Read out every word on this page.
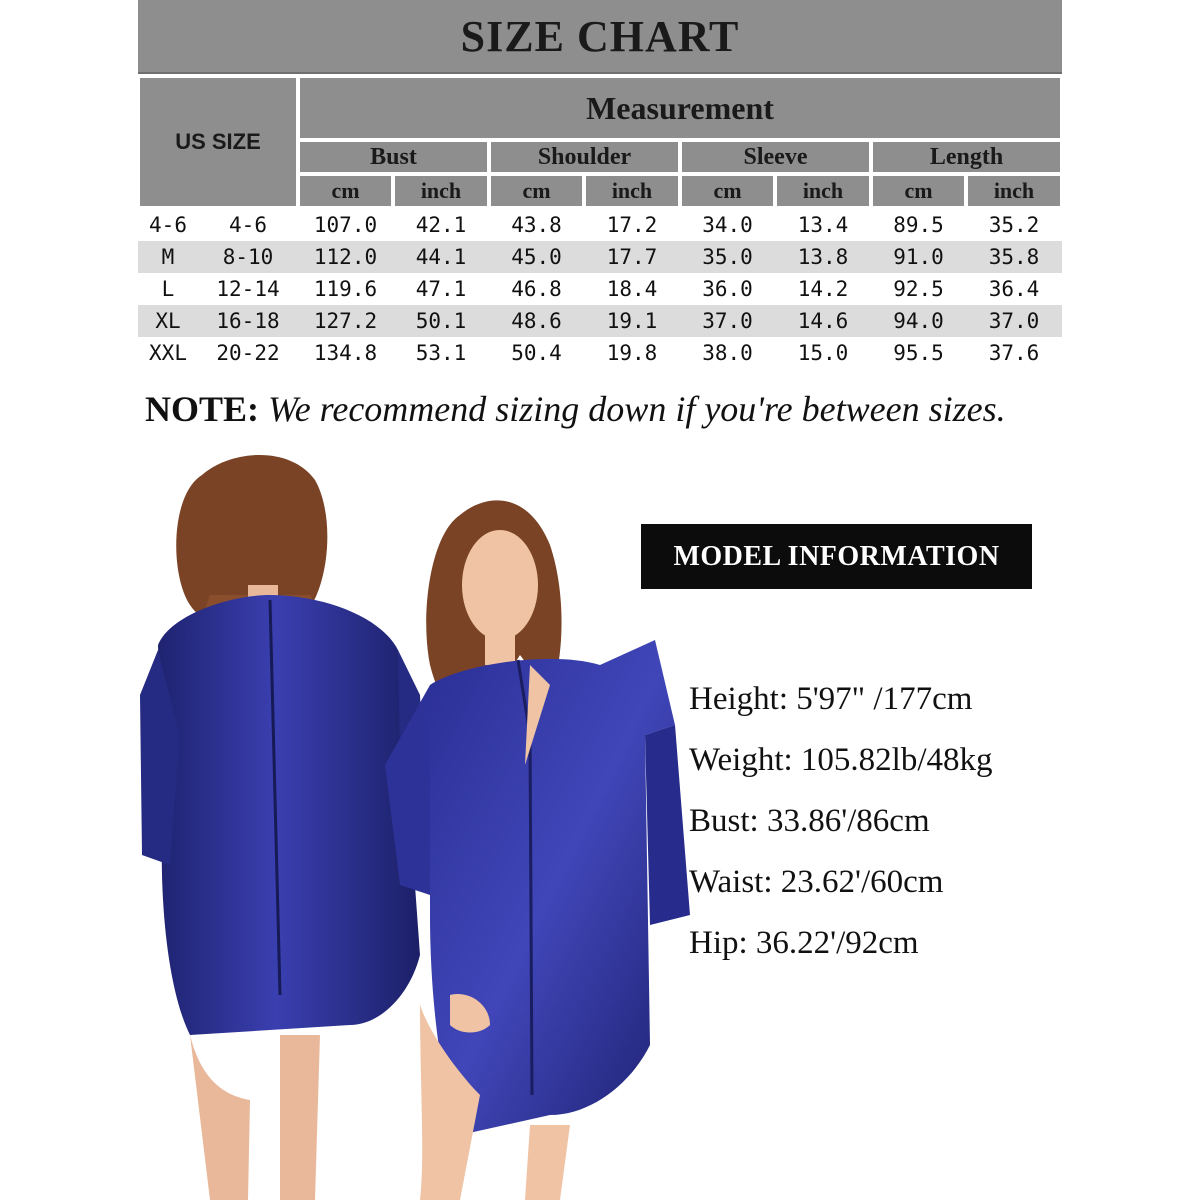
SIZE CHART
US SIZE
Measurement
Bust	Shoulder	Sleeve	Length
cm	inch	cm	inch	cm	inch	cm	inch
4-6	4-6	107.0	42.1	43.8	17.2	34.0	13.4	89.5	35.2
M	8-10	112.0	44.1	45.0	17.7	35.0	13.8	91.0	35.8
L	12-14	119.6	47.1	46.8	18.4	36.0	14.2	92.5	36.4
XL	16-18	127.2	50.1	48.6	19.1	37.0	14.6	94.0	37.0
XXL	20-22	134.8	53.1	50.4	19.8	38.0	15.0	95.5	37.6
NOTE: We recommend sizing down if you're between sizes.
MODEL INFORMATION
Height: 5'97" /177cm
Weight: 105.82lb/48kg
Bust: 33.86'/86cm
Waist: 23.62'/60cm
Hip: 36.22'/92cm
